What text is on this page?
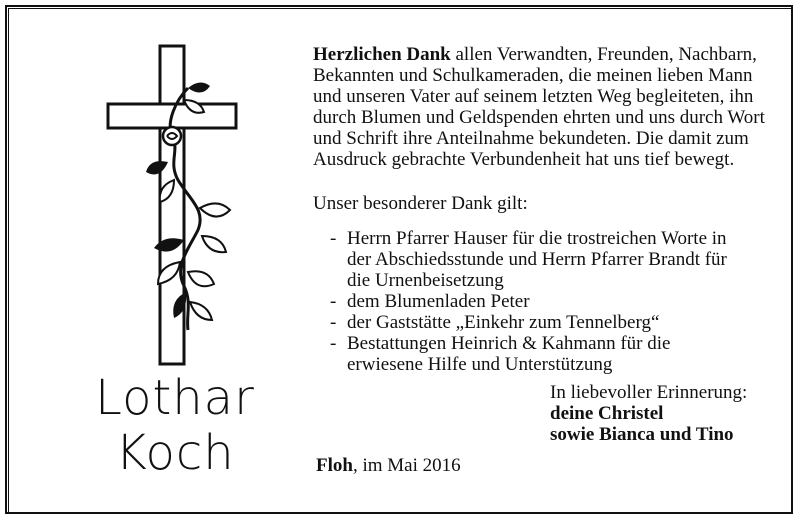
Lothar
Koch
Herzlichen Dank allen Verwandten, Freunden, Nachbarn, Bekannten und Schulkameraden, die meinen lieben Mann und unseren Vater auf seinem letzten Weg begleiteten, ihn durch Blumen und Geldspenden ehrten und uns durch Wort und Schrift ihre Anteilnahme bekundeten. Die damit zum Ausdruck gebrachte Verbundenheit hat uns tief bewegt.
Unser besonderer Dank gilt:
- Herrn Pfarrer Hauser für die trostreichen Worte in der Abschiedsstunde und Herrn Pfarrer Brandt für die Urnenbeisetzung
- dem Blumenladen Peter
- der Gaststätte „Einkehr zum Tennelberg“
- Bestattungen Heinrich & Kahmann für die erwiesene Hilfe und Unterstützung
In liebevoller Erinnerung:
deine Christel
sowie Bianca und Tino
Floh, im Mai 2016
